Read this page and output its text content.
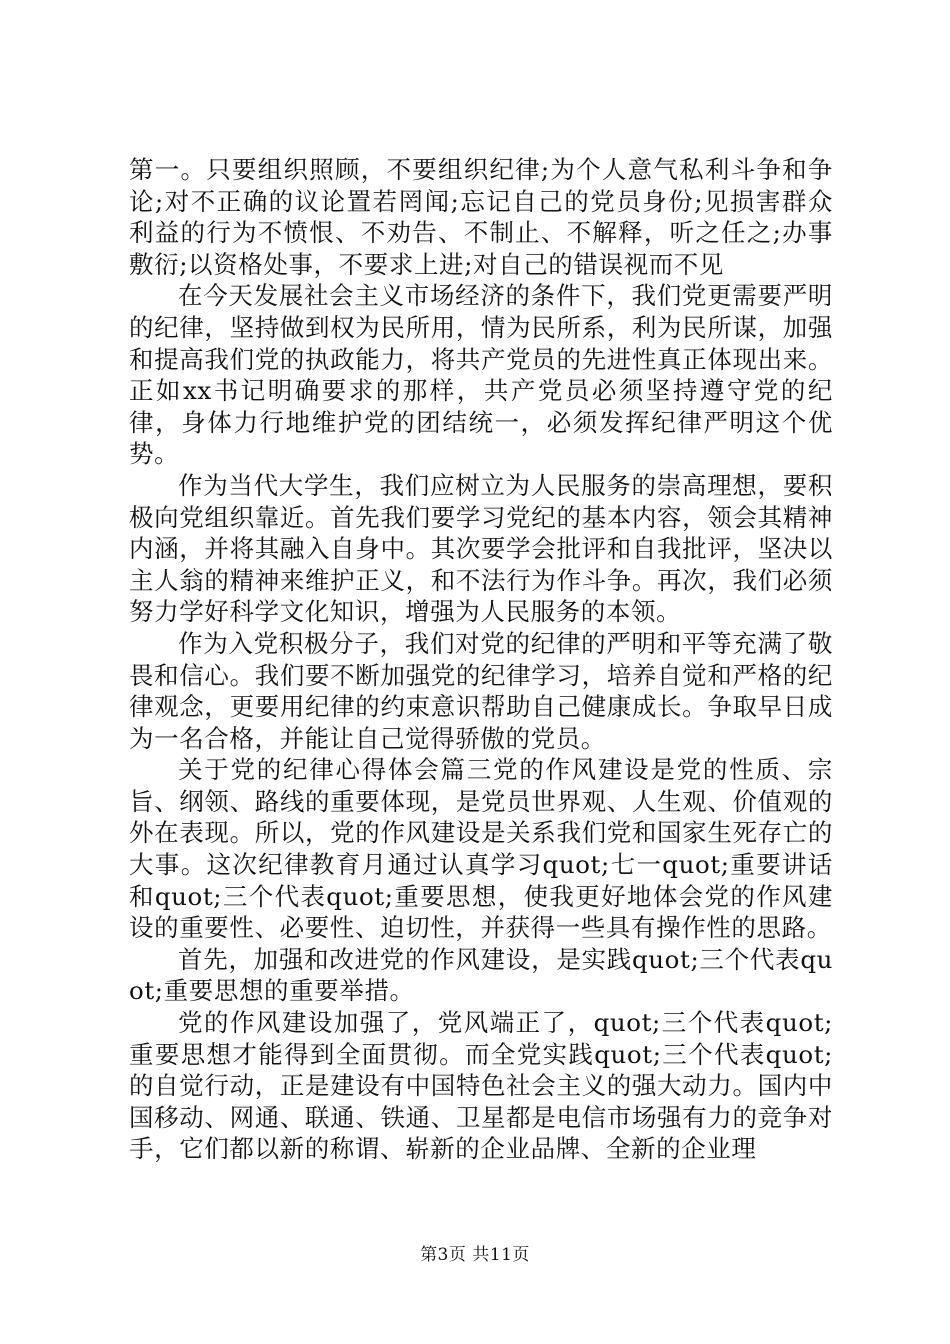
第一。只要组织照顾，不要组织纪律;为个人意气私利斗争和争论;对不正确的议论置若罔闻;忘记自己的党员身份;见损害群众利益的行为不愤恨、不劝告、不制止、不解释，听之任之;办事敷衍;以资格处事，不要求上进;对自己的错误视而不见

在今天发展社会主义市场经济的条件下，我们党更需要严明的纪律，坚持做到权为民所用，情为民所系，利为民所谋，加强和提高我们党的执政能力，将共产党员的先进性真正体现出来。正如xx书记明确要求的那样，共产党员必须坚持遵守党的纪律，身体力行地维护党的团结统一，必须发挥纪律严明这个优势。

作为当代大学生，我们应树立为人民服务的崇高理想，要积极向党组织靠近。首先我们要学习党纪的基本内容，领会其精神内涵，并将其融入自身中。其次要学会批评和自我批评，坚决以主人翁的精神来维护正义，和不法行为作斗争。再次，我们必须努力学好科学文化知识，增强为人民服务的本领。

作为入党积极分子，我们对党的纪律的严明和平等充满了敬畏和信心。我们要不断加强党的纪律学习，培养自觉和严格的纪律观念，更要用纪律的约束意识帮助自己健康成长。争取早日成为一名合格，并能让自己觉得骄傲的党员。

关于党的纪律心得体会篇三党的作风建设是党的性质、宗旨、纲领、路线的重要体现，是党员世界观、人生观、价值观的外在表现。所以，党的作风建设是关系我们党和国家生死存亡的大事。这次纪律教育月通过认真学习quot;七一quot;重要讲话和quot;三个代表quot;重要思想，使我更好地体会党的作风建设的重要性、必要性、迫切性，并获得一些具有操作性的思路。

首先，加强和改进党的作风建设，是实践quot;三个代表quot;重要思想的重要举措。

党的作风建设加强了，党风端正了，quot;三个代表quot;重要思想才能得到全面贯彻。而全党实践quot;三个代表quot;的自觉行动，正是建设有中国特色社会主义的强大动力。国内中国移动、网通、联通、铁通、卫星都是电信市场强有力的竞争对手，它们都以新的称谓、崭新的企业品牌、全新的企业理

第3页 共11页
